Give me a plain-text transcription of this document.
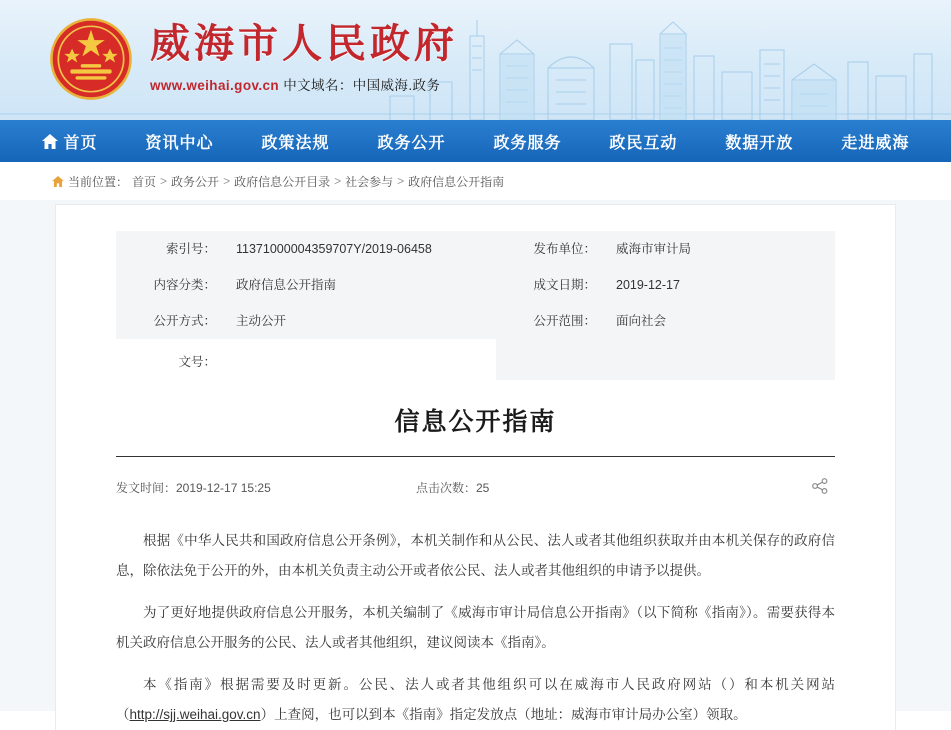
威海市人民政府
www.weihai.gov.cn 中文域名：中国威海.政务
首页	资讯中心	政策法规	政务公开	政务服务	政民互动	数据开放	走进威海
当前位置： 首页 > 政务公开 > 政府信息公开目录 > 社会参与 > 政府信息公开指南
索引号：	11371000004359707Y/2019-06458	发布单位：	威海市审计局
内容分类：	政府信息公开指南	成文日期：	2019-12-17
公开方式：	主动公开	公开范围：	面向社会
文号：			
信息公开指南
发文时间：2019-12-17 15:25	点击次数：25

根据《中华人民共和国政府信息公开条例》，本机关制作和从公民、法人或者其他组织获取并由本机关保存的政府信息，除依法免于公开的外，由本机关负责主动公开或者依公民、法人或者其他组织的申请予以提供。

为了更好地提供政府信息公开服务，本机关编制了《威海市审计局信息公开指南》（以下简称《指南》）。需要获得本机关政府信息公开服务的公民、法人或者其他组织，建议阅读本《指南》。

本《指南》根据需要及时更新。公民、法人或者其他组织可以在威海市人民政府网站（）和本机关网站（http://sjj.weihai.gov.cn）上查阅，也可以到本《指南》指定发放点（地址：威海市审计局办公室）领取。
